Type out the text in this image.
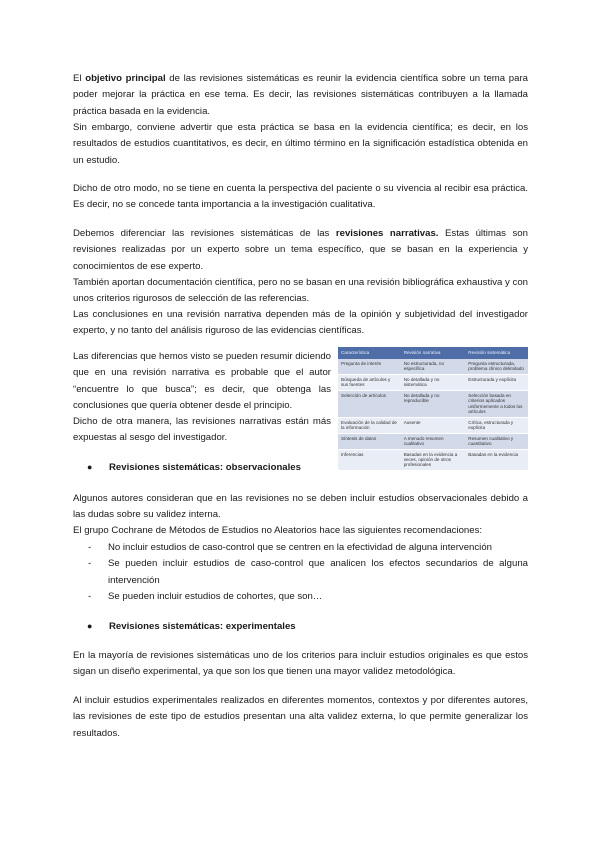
El objetivo principal de las revisiones sistemáticas es reunir la evidencia científica sobre un tema para poder mejorar la práctica en ese tema. Es decir, las revisiones sistemáticas contribuyen a la llamada práctica basada en la evidencia.

Sin embargo, conviene advertir que esta práctica se basa en la evidencia científica; es decir, en los resultados de estudios cuantitativos, es decir, en último término en la significación estadística obtenida en un estudio.

Dicho de otro modo, no se tiene en cuenta la perspectiva del paciente o su vivencia al recibir esa práctica. Es decir, no se concede tanta importancia a la investigación cualitativa.

Debemos diferenciar las revisiones sistemáticas de las revisiones narrativas. Estas últimas son revisiones realizadas por un experto sobre un tema específico, que se basan en la experiencia y conocimientos de ese experto.

También aportan documentación científica, pero no se basan en una revisión bibliográfica exhaustiva y con unos criterios rigurosos de selección de las referencias.

Las conclusiones en una revisión narrativa dependen más de la opinión y subjetividad del investigador experto, y no tanto del análisis riguroso de las evidencias científicas.

Las diferencias que hemos visto se pueden resumir diciendo que en una revisión narrativa es probable que el autor “encuentre lo que busca”; es decir, que obtenga las conclusiones que quería obtener desde el principio.

Dicho de otra manera, las revisiones narrativas están más expuestas al sesgo del investigador.

Característica	Revisión narrativa	Revisión sistemática
Pregunta de interés	No estructurada, no específica	Pregunta estructurada, problema clínico delimitado
Búsqueda de artículos y sus fuentes	No detallada y no sistemática	Estructurada y explícita
Selección de artículos	No detallada y no reproducible	Selección basada en criterios aplicados uniformemente a todos los artículos
Evaluación de la calidad de la información	Ausente	Crítica, estructurada y explícita
Síntesis de datos	A menudo resumen cualitativo	Resumen cualitativo y cuantitativo
Inferencias	Basadas en la evidencia a veces, opinión de otros profesionales	Basadas en la evidencia
● Revisiones sistemáticas: observacionales

Algunos autores consideran que en las revisiones no se deben incluir estudios observacionales debido a las dudas sobre su validez interna.

El grupo Cochrane de Métodos de Estudios no Aleatorios hace las siguientes recomendaciones:

- No incluir estudios de caso-control que se centren en la efectividad de alguna intervención
- Se pueden incluir estudios de caso-control que analicen los efectos secundarios de alguna intervención
- Se pueden incluir estudios de cohortes, que son…
● Revisiones sistemáticas: experimentales

En la mayoría de revisiones sistemáticas uno de los criterios para incluir estudios originales es que estos sigan un diseño experimental, ya que son los que tienen una mayor validez metodológica.

Al incluir estudios experimentales realizados en diferentes momentos, contextos y por diferentes autores, las revisiones de este tipo de estudios presentan una alta validez externa, lo que permite generalizar los resultados.
